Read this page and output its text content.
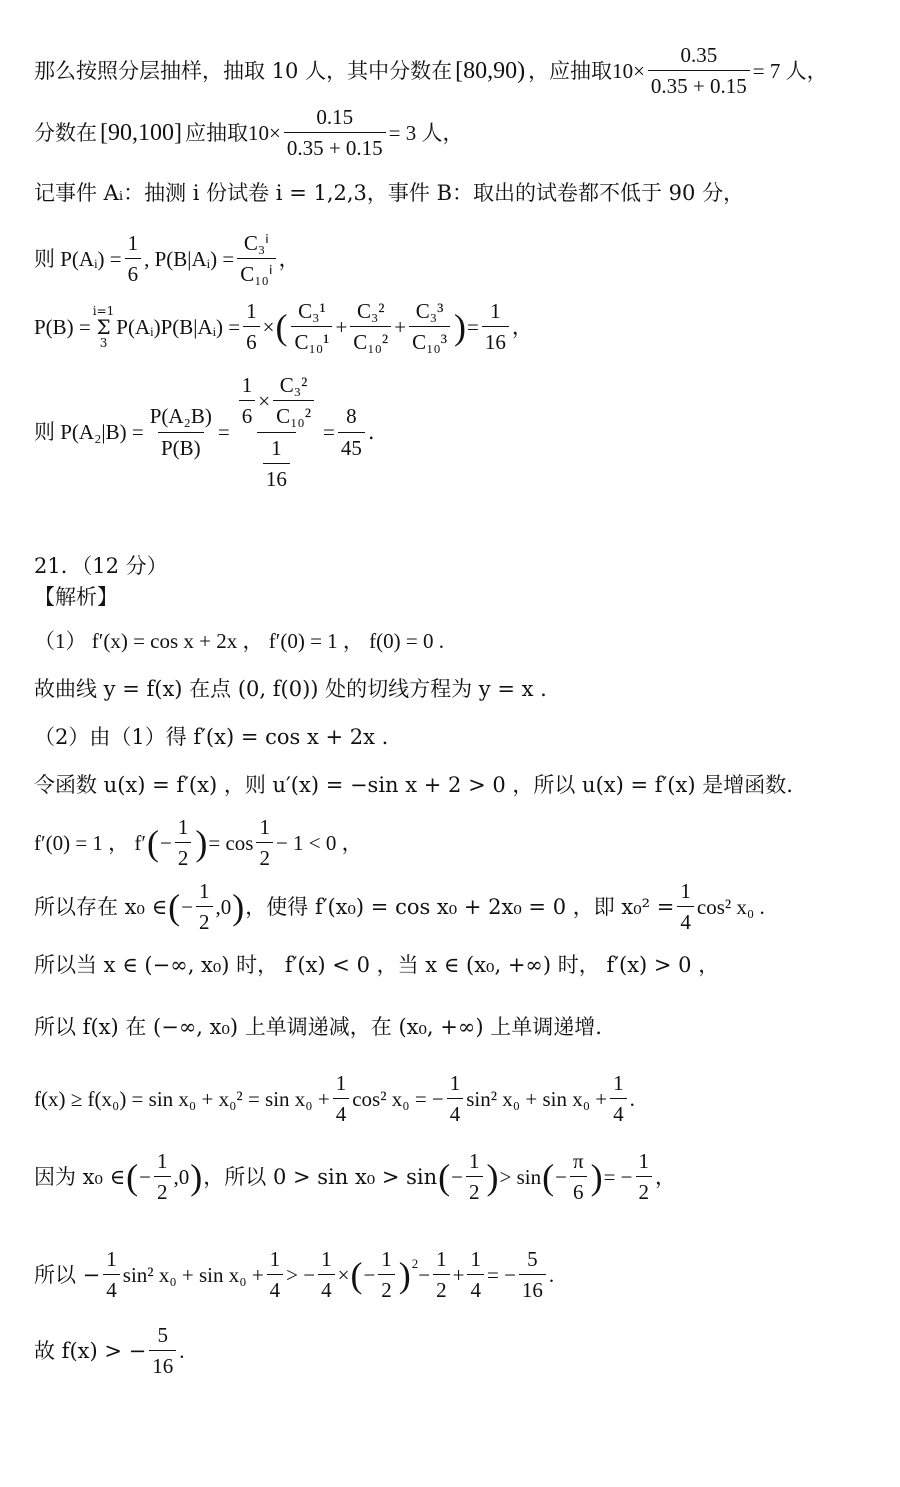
那么按照分层抽样，抽取 10 人，其中分数在 [80,90) ，应抽取 $10\times \frac{0.35}{0.35 + 0.15} = 7$ 人，
分数在 [90,100] 应抽取 $10\times \frac{0.15}{0.35 + 0.15} = 3$ 人，
记事件 Aᵢ：抽测 i 份试卷 i = 1,2,3，事件 B：取出的试卷都不低于 90 分，
则 P(Aᵢ) = $\frac{1}{6}$ , P(B|Aᵢ) = $\frac{\text{C₃ⁱ}}{\text{C₁₀ⁱ}}$ ，
P(B) =
i=1
Σ
3
P(Aᵢ)P(B|Aᵢ) = $\frac{1}{6}$ × ( $\frac{\text{C₃¹}}{\text{C₁₀¹}} + \frac{\text{C₃²}}{\text{C₁₀²}} + \frac{\text{C₃³}}{\text{C₁₀³}}$ ) = $\frac{1}{16}$ ，
则 $P(A_2|B) = \frac{\text{P(A₂B)}}{P(B)}$ =
$\frac{1}{6} \times \frac{\text{C₃²}}{\text{C₁₀²}}$
$\frac{1}{16}$
= $\frac{8}{45}$ .
21．（12 分）
【解析】
（1） f′(x) = cos x + 2x ， f′(0) = 1 ， f(0) = 0 .
故曲线 y = f(x) 在点 (0, f(0)) 处的切线方程为 y = x .
（2）由（1）得 f′(x) = cos x + 2x .
令函数 u(x) = f′(x) ，则 u′(x) = −sin x + 2 > 0 ，所以 u(x) = f′(x) 是增函数.
f′(0) = 1 ， f′ ( − $\frac{1}{2}$ ) = $\cos \frac{1}{2} - 1 < 0$ ，
所以存在 x₀ ∈ ( − $\frac{1}{2} ,0$ ) ，使得 f′(x₀) = cos x₀ + 2x₀ = 0 ，即 $x_0^2 = \frac{1}{4} \cos^2$ x₀ .
所以当 x ∈ (−∞, x₀) 时， f′(x) < 0 ，当 x ∈ (x₀, +∞) 时， f′(x) > 0 ，
所以 f(x) 在 (−∞, x₀) 上单调递减，在 (x₀, +∞) 上单调递增.
$f(x) \ge f(x_0) = \sin x_0 + x_0^2 = \sin x_0 + \frac{1}{4} \cos^2$ x₀ = − $\frac{1}{4} \sin^2$ $x_0 + \sin x_0 + \frac{1}{4}$ .
因为 x₀ ∈ ( − $\frac{1}{2} ,0$ ) ，所以 0 > sin x₀ > sin ( − $\frac{1}{2}$ ) > sin ( − $\frac{\pi}{6}$ ) = − $\frac{1}{2}$ ，
所以 − $\frac{1}{4} \sin^2$ $x_0 + \sin x_0 + \frac{1}{4}$ > − $\frac{1}{4}$ × ( − $\frac{1}{2}$ ) $2 - \frac{1}{2} + \frac{1}{4}$ = − $\frac{5}{16}$ .
故 f(x) > − $\frac{5}{16}$ .
